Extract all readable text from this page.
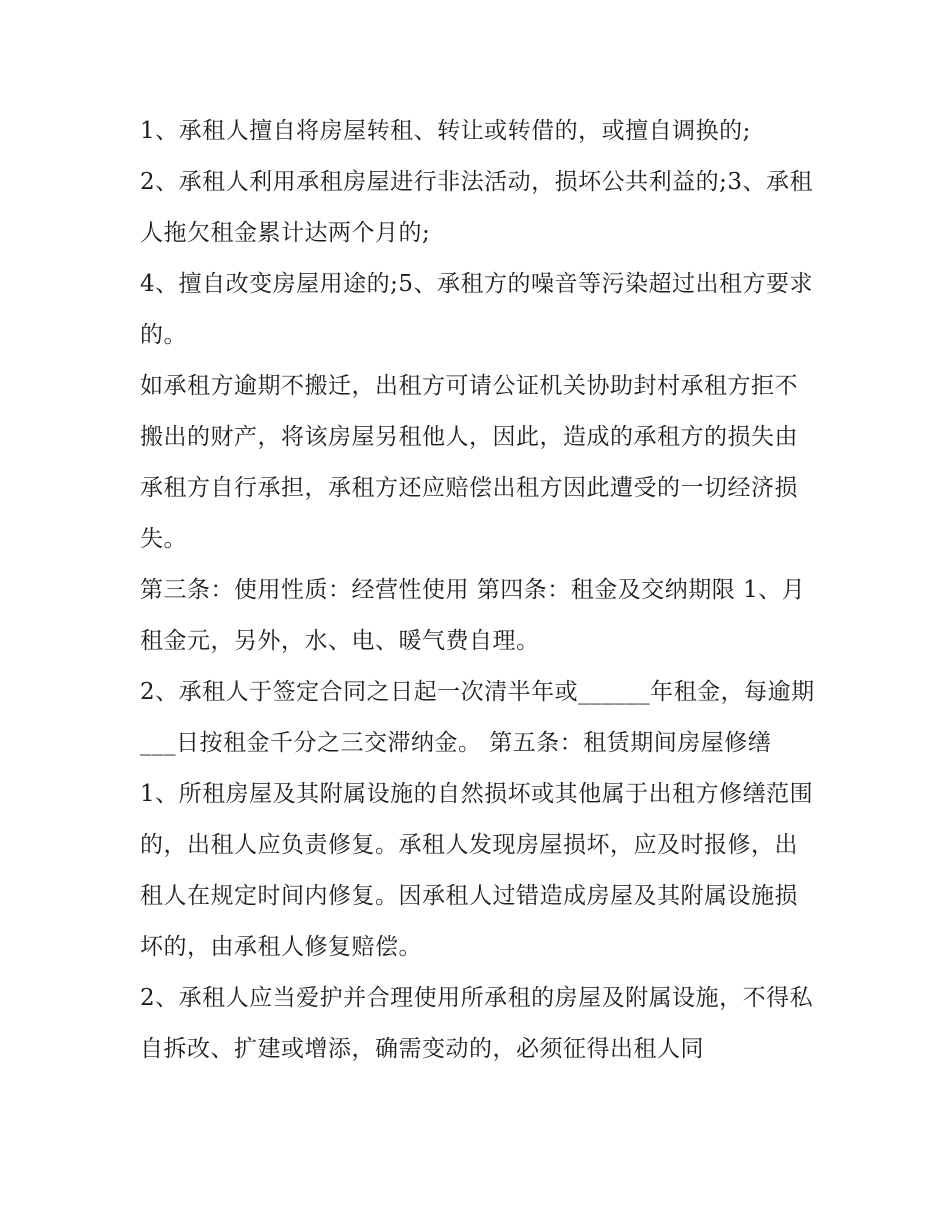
1、承租人擅自将房屋转租、转让或转借的，或擅自调换的;

2、承租人利用承租房屋进行非法活动，损坏公共利益的;3、承租人拖欠租金累计达两个月的;

4、擅自改变房屋用途的;5、承租方的噪音等污染超过出租方要求的。

如承租方逾期不搬迁，出租方可请公证机关协助封村承租方拒不搬出的财产，将该房屋另租他人，因此，造成的承租方的损失由承租方自行承担，承租方还应赔偿出租方因此遭受的一切经济损失。

第三条：使用性质：经营性使用 第四条：租金及交纳期限 1、月租金元，另外，水、电、暖气费自理。

2、承租人于签定合同之日起一次清半年或______年租金，每逾期___日按租金千分之三交滞纳金。 第五条：租赁期间房屋修缮

1、所租房屋及其附属设施的自然损坏或其他属于出租方修缮范围的，出租人应负责修复。承租人发现房屋损坏，应及时报修，出租人在规定时间内修复。因承租人过错造成房屋及其附属设施损坏的，由承租人修复赔偿。

2、承租人应当爱护并合理使用所承租的房屋及附属设施，不得私自拆改、扩建或增添，确需变动的，必须征得出租人同
